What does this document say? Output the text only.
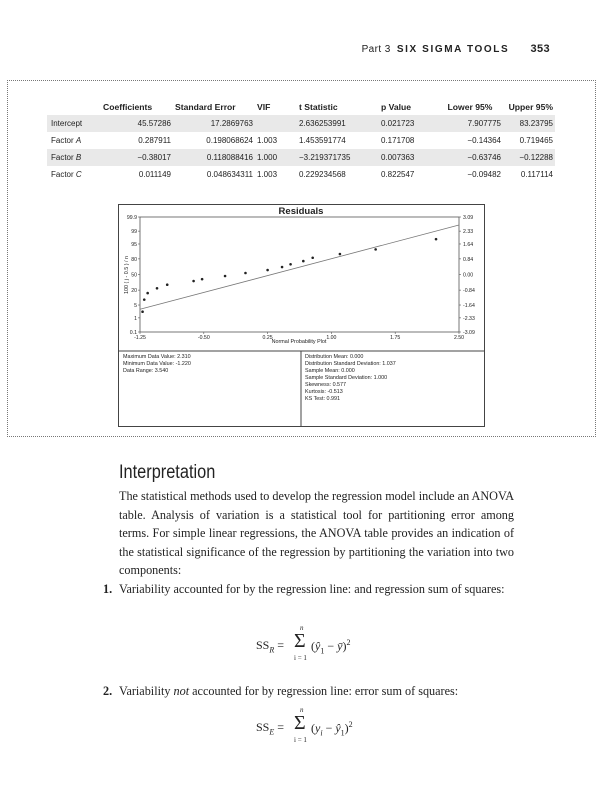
Part 3 SIX SIGMA TOOLS 353
	Coefficients	Standard Error	VIF	t Statistic	p Value	Lower 95%	Upper 95%
Intercept	45.57286	17.2869763		2.636253991	0.021723	7.907775	83.23795
Factor A	0.287911	0.198068624	1.003	1.453591774	0.171708	−0.14364	0.719465
Factor B	−0.38017	0.118088416	1.000	−3.219371735	0.007363	−0.63746	−0.12288
Factor C	0.011149	0.048634311	1.003	0.229234568	0.822547	−0.09482	0.117114
Residuals
-1.25	-0.50	0.25	1.00	1.75	2.50
-3.09
0.1
-2.33
1
-1.64
5
-0.84
20
0.00
50
0.84
80
1.64
95
2.33
99
3.09
99.9
Normal Probability Plot
100 ( j - 0.5 ) / n
Maximum Data Value: 2.310
Minimum Data Value: -1.220
Data Range: 3.540
Distribution Mean: 0.000
Distribution Standard Deviation: 1.037
Sample Mean: 0.000
Sample Standard Deviation: 1.000
Skewness: 0.577
Kurtosis: -0.513
KS Test: 0.991
Interpretation
The statistical methods used to develop the regression model include an ANOVA table. Analysis of variation is a statistical tool for partitioning error among terms. For simple linear regressions, the ANOVA table provides an indication of the statistical significance of the regression by partitioning the variation into two components:
1. Variability accounted for by the regression line: and regression sum of squares:
$SS_R$ =
n
Σ
i = 1
($ŷ_1$ − ȳ)$^2$
2. Variability not accounted for by regression line: error sum of squares:
$SS_E$ =
n
Σ
i = 1
($y_i$ − $ŷ_1)^2$
